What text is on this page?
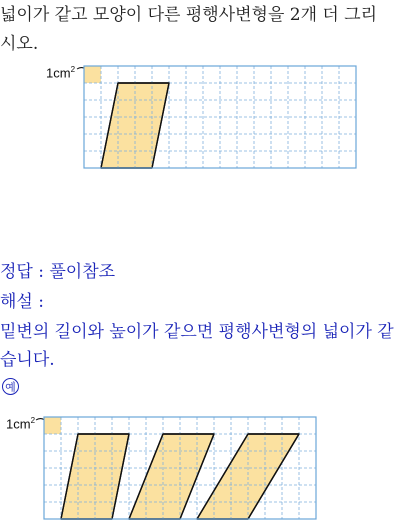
넓이가 같고 모양이 다른 평행사변형을 2개 더 그리
시오.
$1cm^2$
정답 : 풀이참조
해설 :
밑변의 길이와 높이가 같으면 평행사변형의 넓이가 같
습니다.
예
$1cm^2$
